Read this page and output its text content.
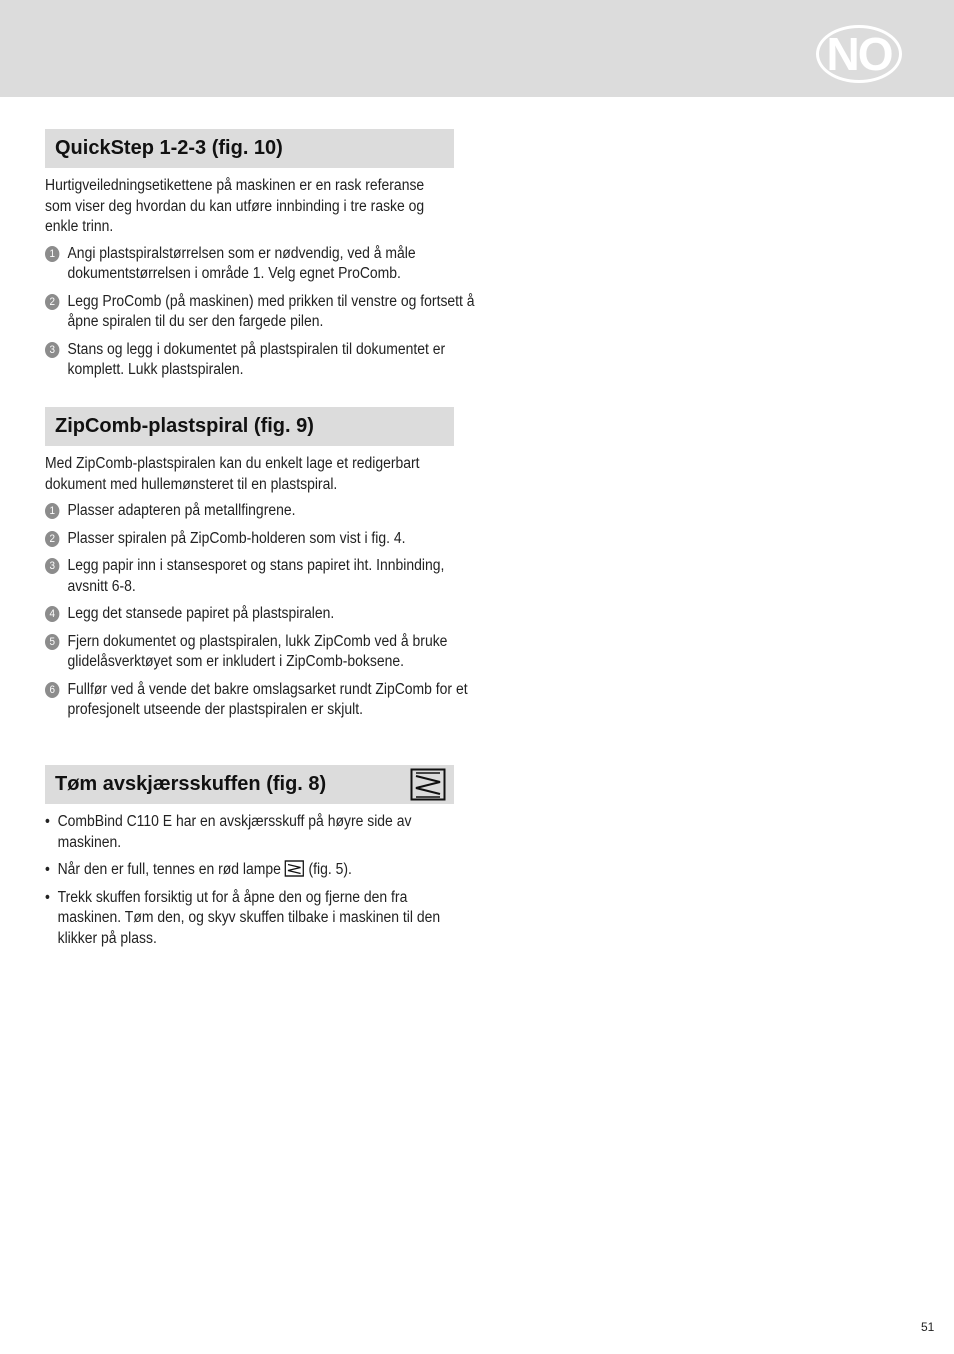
NO
QuickStep 1-2-3 (fig. 10)

Hurtigveiledningsetikettene på maskinen er en rask referanse som viser deg hvordan du kan utføre innbinding i tre raske og enkle trinn.

1 Angi plastspiralstørrelsen som er nødvendig, ved å måle dokumentstørrelsen i område 1. Velg egnet ProComb.
2 Legg ProComb (på maskinen) med prikken til venstre og fortsett å åpne spiralen til du ser den fargede pilen.
3 Stans og legg i dokumentet på plastspiralen til dokumentet er komplett. Lukk plastspiralen.
ZipComb-plastspiral (fig. 9)

Med ZipComb-plastspiralen kan du enkelt lage et redigerbart dokument med hullemønsteret til en plastspiral.

1 Plasser adapteren på metallfingrene.
2 Plasser spiralen på ZipComb-holderen som vist i fig. 4.
3 Legg papir inn i stansesporet og stans papiret iht. Innbinding, avsnitt 6-8.
4 Legg det stansede papiret på plastspiralen.
5 Fjern dokumentet og plastspiralen, lukk ZipComb ved å bruke glidelåsverktøyet som er inkludert i ZipComb-boksene.
6 Fullfør ved å vende det bakre omslagsarket rundt ZipComb for et profesjonelt utseende der plastspiralen er skjult.
Tøm avskjærsskuffen (fig. 8)
• CombBind C110 E har en avskjærsskuff på høyre side av maskinen.
• Når den er full, tennes en rød lampe (fig. 5).
• Trekk skuffen forsiktig ut for å åpne den og fjerne den fra maskinen. Tøm den, og skyv skuffen tilbake i maskinen til den klikker på plass.
51
